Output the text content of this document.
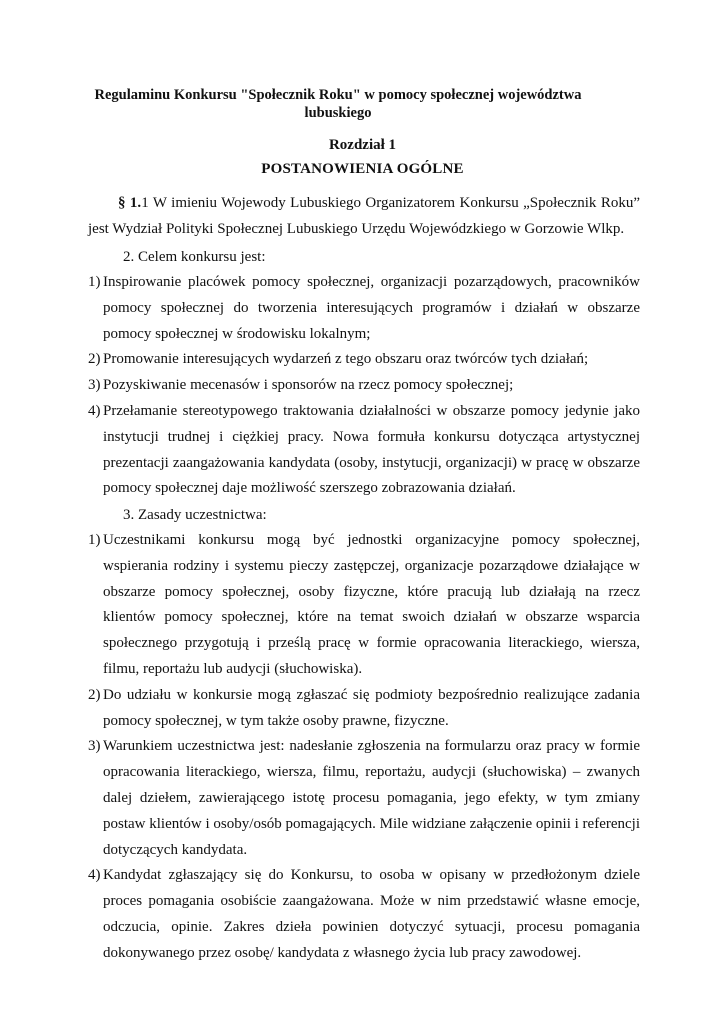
Regulaminu Konkursu "Społecznik Roku" w pomocy społecznej województwa lubuskiego
Rozdział 1
POSTANOWIENIA OGÓLNE
§ 1.1 W imieniu Wojewody Lubuskiego Organizatorem Konkursu „Społecznik Roku” jest Wydział Polityki Społecznej Lubuskiego Urzędu Wojewódzkiego w Gorzowie Wlkp.
2. Celem konkursu jest:
1) Inspirowanie placówek pomocy społecznej, organizacji pozarządowych, pracowników pomocy społecznej do tworzenia interesujących programów i działań w obszarze pomocy społecznej w środowisku lokalnym;
2) Promowanie interesujących wydarzeń z tego obszaru oraz twórców tych działań;
3) Pozyskiwanie mecenasów i sponsorów na rzecz pomocy społecznej;
4) Przełamanie stereotypowego traktowania działalności w obszarze pomocy jedynie jako instytucji trudnej i ciężkiej pracy. Nowa formuła konkursu dotycząca artystycznej prezentacji zaangażowania kandydata (osoby, instytucji, organizacji) w pracę w obszarze pomocy społecznej daje możliwość szerszego zobrazowania działań.
3. Zasady uczestnictwa:
1) Uczestnikami konkursu mogą być jednostki organizacyjne pomocy społecznej, wspierania rodziny i systemu pieczy zastępczej, organizacje pozarządowe działające w obszarze pomocy społecznej, osoby fizyczne, które pracują lub działają na rzecz klientów pomocy społecznej, które na temat swoich działań w obszarze wsparcia społecznego przygotują i prześlą pracę w formie opracowania literackiego, wiersza, filmu, reportażu lub audycji (słuchowiska).
2) Do udziału w konkursie mogą zgłaszać się podmioty bezpośrednio realizujące zadania pomocy społecznej, w tym także osoby prawne, fizyczne.
3) Warunkiem uczestnictwa jest: nadesłanie zgłoszenia na formularzu oraz pracy w formie opracowania literackiego, wiersza, filmu, reportażu, audycji (słuchowiska) – zwanych dalej dziełem, zawierającego istotę procesu pomagania, jego efekty, w tym zmiany postaw klientów i osoby/osób pomagających. Mile widziane załączenie opinii i referencji dotyczących kandydata.
4) Kandydat zgłaszający się do Konkursu, to osoba w opisany w przedłożonym dziele proces pomagania osobiście zaangażowana. Może w nim przedstawić własne emocje, odczucia, opinie. Zakres dzieła powinien dotyczyć sytuacji, procesu pomagania dokonywanego przez osobę/ kandydata z własnego życia lub pracy zawodowej.
